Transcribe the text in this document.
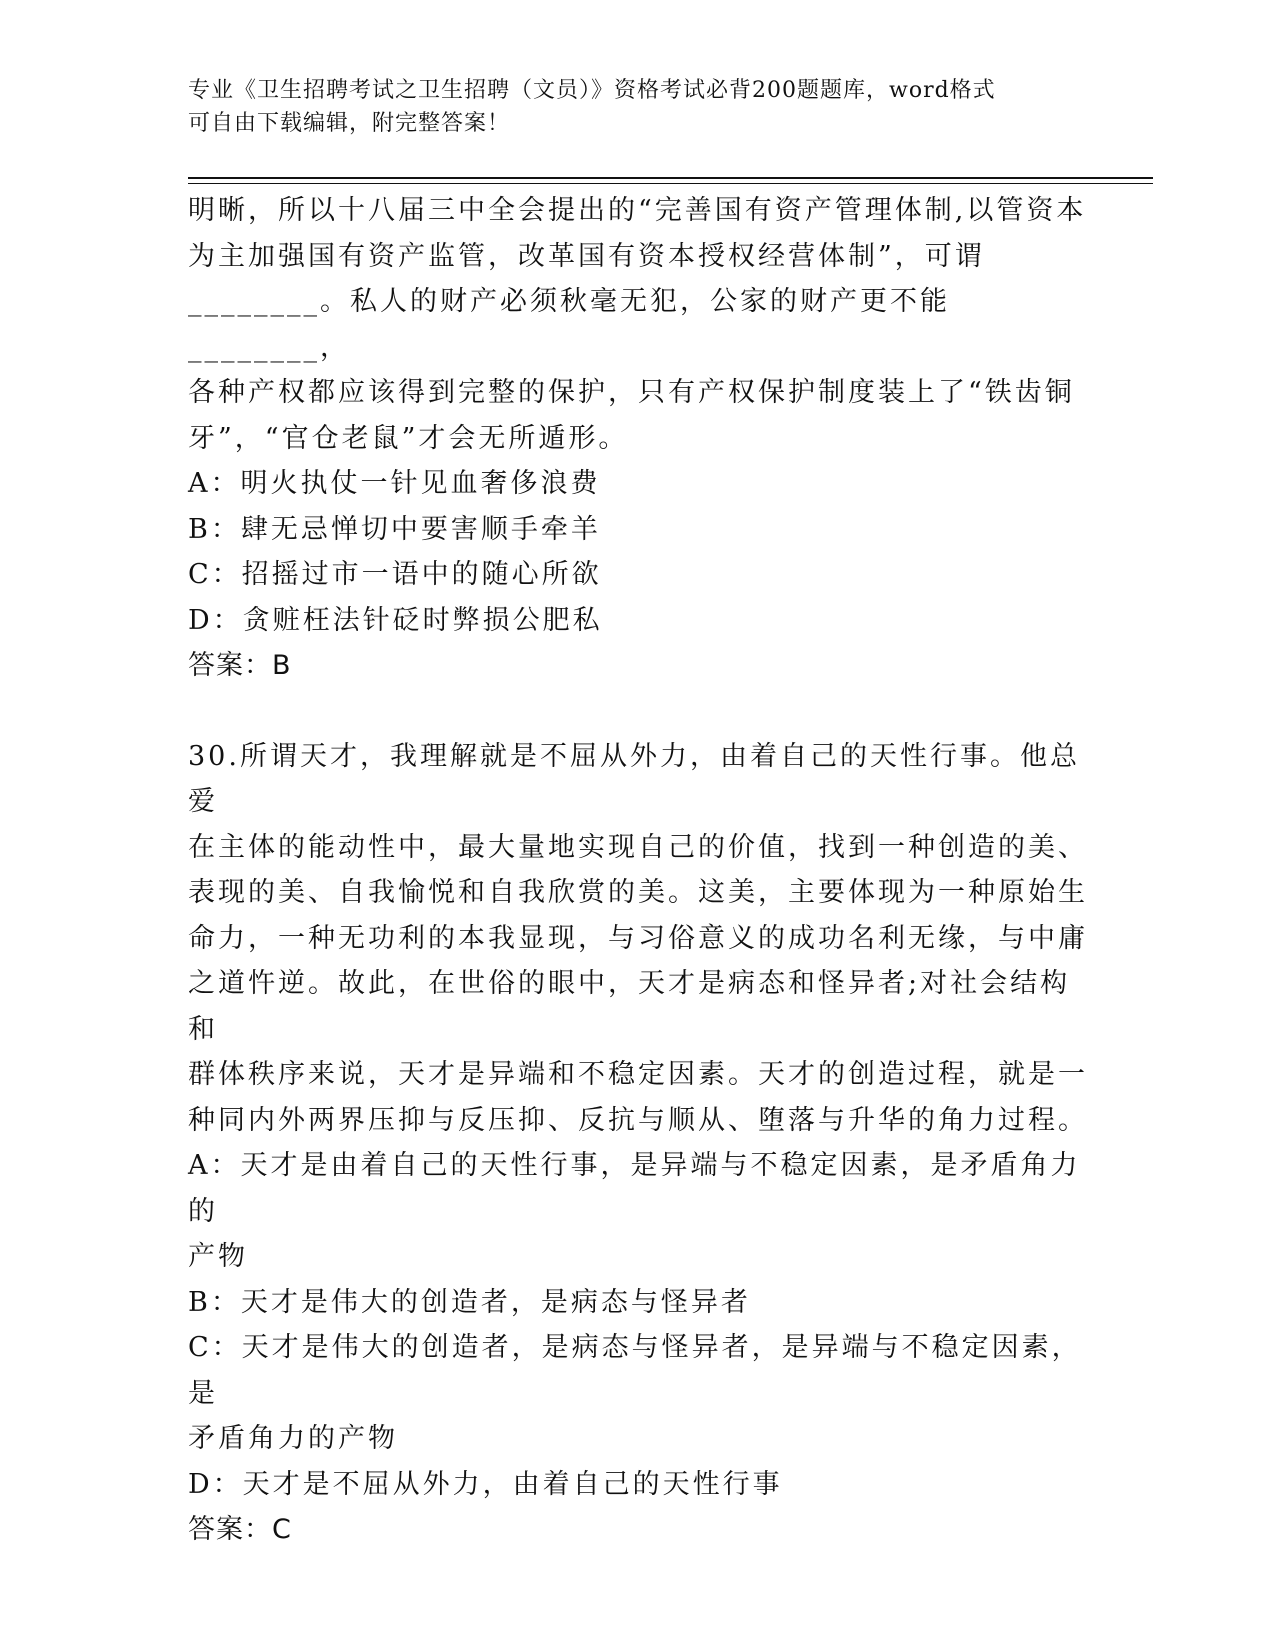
专业《卫生招聘考试之卫生招聘（文员）》资格考试必背200题题库，word格式
可自由下载编辑，附完整答案！

明晰，所以十八届三中全会提出的“完善国有资产管理体制,以管资本

为主加强国有资产监管，改革国有资本授权经营体制”，可谓

________。私人的财产必须秋毫无犯，公家的财产更不能________，

各种产权都应该得到完整的保护，只有产权保护制度装上了“铁齿铜

牙”，“官仓老鼠”才会无所遁形。

A：明火执仗一针见血奢侈浪费

B：肆无忌惮切中要害顺手牵羊

C：招摇过市一语中的随心所欲

D：贪赃枉法针砭时弊损公肥私

答案：B

30.所谓天才，我理解就是不屈从外力，由着自己的天性行事。他总爱

在主体的能动性中，最大量地实现自己的价值，找到一种创造的美、

表现的美、自我愉悦和自我欣赏的美。这美，主要体现为一种原始生

命力，一种无功利的本我显现，与习俗意义的成功名利无缘，与中庸

之道忤逆。故此，在世俗的眼中，天才是病态和怪异者;对社会结构和

群体秩序来说，天才是异端和不稳定因素。天才的创造过程，就是一

种同内外两界压抑与反压抑、反抗与顺从、堕落与升华的角力过程。

A：天才是由着自己的天性行事，是异端与不稳定因素，是矛盾角力的

产物

B：天才是伟大的创造者，是病态与怪异者

C：天才是伟大的创造者，是病态与怪异者，是异端与不稳定因素，是

矛盾角力的产物

D：天才是不屈从外力，由着自己的天性行事

答案：C
